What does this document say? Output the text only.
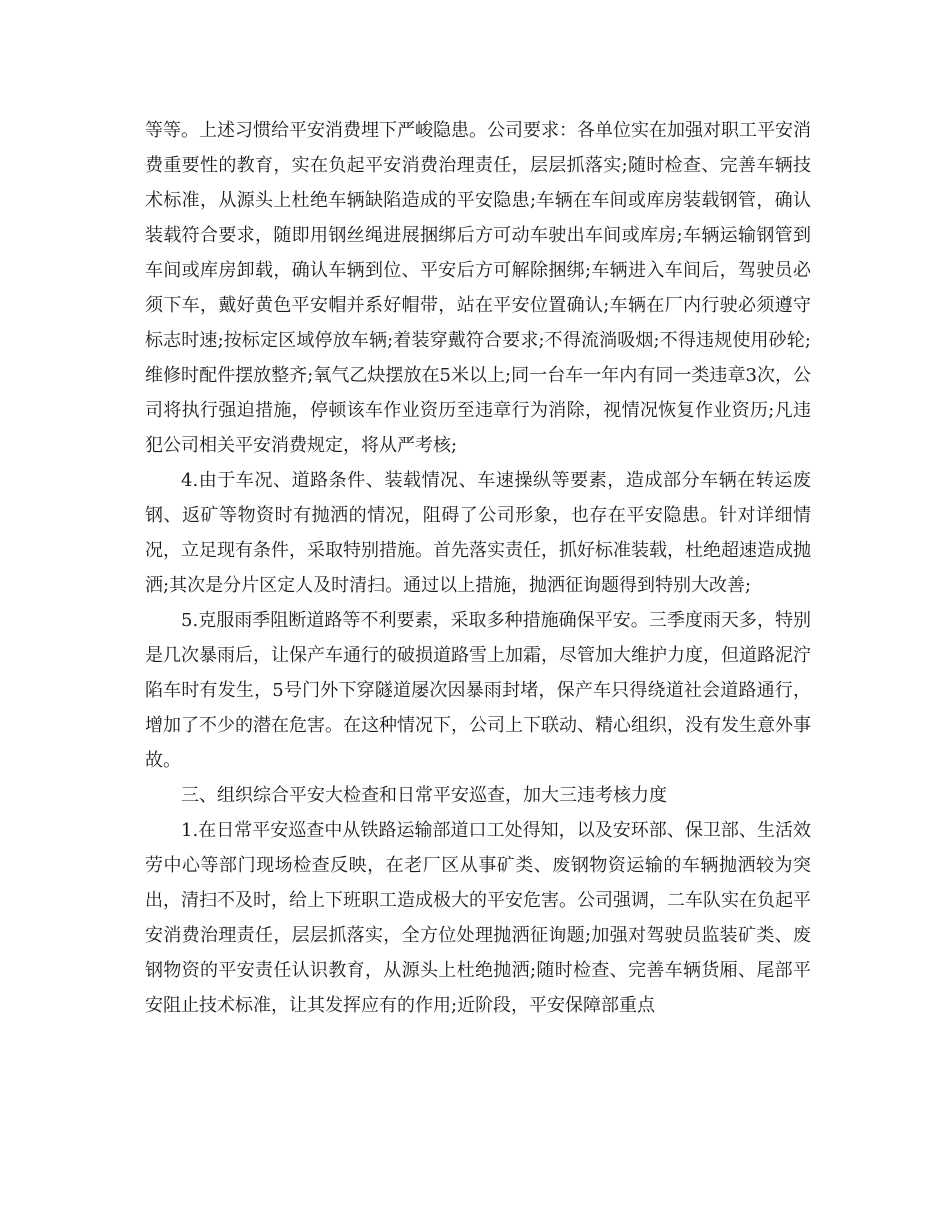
等等。上述习惯给平安消费埋下严峻隐患。公司要求：各单位实在加强对职工平安消费重要性的教育，实在负起平安消费治理责任，层层抓落实;随时检查、完善车辆技术标准，从源头上杜绝车辆缺陷造成的平安隐患;车辆在车间或库房装载钢管，确认装载符合要求，随即用钢丝绳进展捆绑后方可动车驶出车间或库房;车辆运输钢管到车间或库房卸载，确认车辆到位、平安后方可解除捆绑;车辆进入车间后，驾驶员必须下车，戴好黄色平安帽并系好帽带，站在平安位置确认;车辆在厂内行驶必须遵守标志时速;按标定区域停放车辆;着装穿戴符合要求;不得流淌吸烟;不得违规使用砂轮;维修时配件摆放整齐;氧气乙炔摆放在5米以上;同一台车一年内有同一类违章3次，公司将执行强迫措施，停顿该车作业资历至违章行为消除，视情况恢复作业资历;凡违犯公司相关平安消费规定，将从严考核;

4.由于车况、道路条件、装载情况、车速操纵等要素，造成部分车辆在转运废钢、返矿等物资时有抛洒的情况，阻碍了公司形象，也存在平安隐患。针对详细情况，立足现有条件，采取特别措施。首先落实责任，抓好标准装载，杜绝超速造成抛洒;其次是分片区定人及时清扫。通过以上措施，抛洒征询题得到特别大改善;

5.克服雨季阻断道路等不利要素，采取多种措施确保平安。三季度雨天多，特别是几次暴雨后，让保产车通行的破损道路雪上加霜，尽管加大维护力度，但道路泥泞陷车时有发生，5号门外下穿隧道屡次因暴雨封堵，保产车只得绕道社会道路通行，增加了不少的潜在危害。在这种情况下，公司上下联动、精心组织，没有发生意外事故。

三、组织综合平安大检查和日常平安巡查，加大三违考核力度

1.在日常平安巡查中从铁路运输部道口工处得知，以及安环部、保卫部、生活效劳中心等部门现场检查反映，在老厂区从事矿类、废钢物资运输的车辆抛洒较为突出，清扫不及时，给上下班职工造成极大的平安危害。公司强调，二车队实在负起平安消费治理责任，层层抓落实，全方位处理抛洒征询题;加强对驾驶员监装矿类、废钢物资的平安责任认识教育，从源头上杜绝抛洒;随时检查、完善车辆货厢、尾部平安阻止技术标准，让其发挥应有的作用;近阶段，平安保障部重点
